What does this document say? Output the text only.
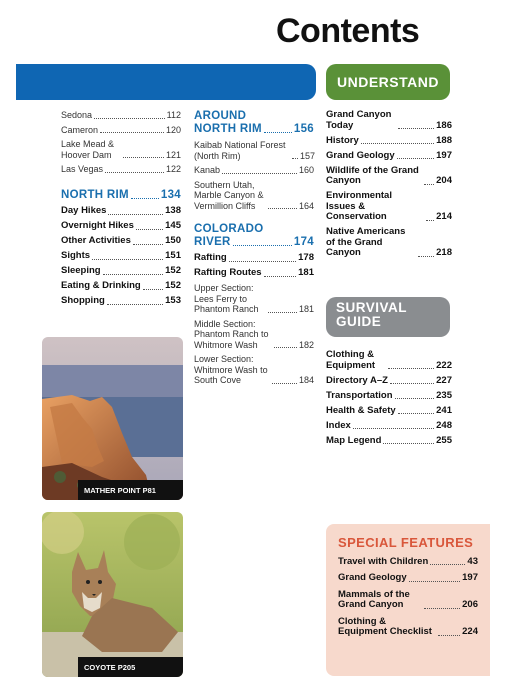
Contents
UNDERSTAND
Sedona	112
Cameron	120
Lake Mead & Hoover Dam	121
Las Vegas	122
NORTH RIM	134
Day Hikes	138
Overnight Hikes	145
Other Activities	150
Sights	151
Sleeping	152
Eating & Drinking	152
Shopping	153
AROUND
NORTH RIM	156
Kaibab National Forest (North Rim)	157
Kanab	160
Southern Utah, Marble Canyon & Vermillion Cliffs	164
COLORADO
RIVER	174
Rafting	178
Rafting Routes	181
Upper Section: Lees Ferry to Phantom Ranch	181
Middle Section: Phantom Ranch to Whitmore Wash	182
Lower Section: Whitmore Wash to South Cove	184
Grand Canyon Today	186
History	188
Grand Geology	197
Wildlife of the Grand Canyon	204
Environmental Issues & Conservation	214
Native Americans of the Grand Canyon	218
SURVIVAL GUIDE
Clothing & Equipment	222
Directory A–Z	227
Transportation	235
Health & Safety	241
Index	248
Map Legend	255
SPECIAL FEATURES
Travel with Children	43
Grand Geology	197
Mammals of the Grand Canyon	206
Clothing & Equipment Checklist	224
MATHER POINT P81
COYOTE P205
